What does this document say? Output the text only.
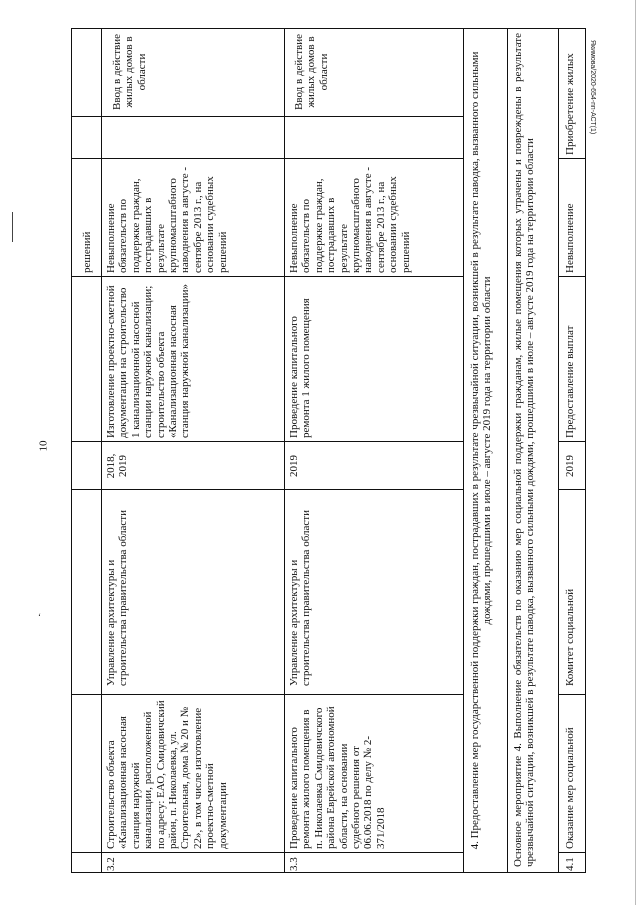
10
‘
Якимова/2020-654-пп-АСТ(1)
решений
3.2
Строительство объекта «Канализационная насосная станция наружной канализации, расположенной по адресу: ЕАО, Смидовичский район, п. Николаевка, ул. Строительная, дома № 20 и № 22», в том числе изготовление проектно-сметной документации
Управление архитектуры и строительства правительства области
2018, 2019
Изготовление проектно-сметной документации на строительство 1 канализационной насосной станции наружной канализации; строительство объекта «Канализационная насосная станция наружной канализации»
Невыполнение обязательств по поддержке граждан, пострадавших в результате крупномасштабного наводнения в августе - сентябре 2013 г., на основании судебных решений
Ввод в действие жилых домов в области
3.3
Проведение капитального ремонта жилого помещения в п. Николаевка Смидовичского района Еврейской автономной области, на основании судебного решения от 06.06.2018 по делу № 2-371/2018
Управление архитектуры и строительства правительства области
2019
Проведение капитального ремонта 1 жилого помещения
Невыполнение обязательств по поддержке граждан, пострадавших в результате крупномасштабного наводнения в августе - сентябре 2013 г., на основании судебных решений
Ввод в действие жилых домов в области	4. Предоставление мер государственной поддержки граждан, пострадавших в результате чрезвычайной ситуации, возникшей в результате паводка, вызванного сильными дождями, прошедшими в июле – августе 2019 года на территории области Основное мероприятие 4. Выполнение обязательств по оказанию мер социальной поддержки гражданам, жилые помещения которых утрачены и повреждены в результате чрезвычайной ситуации, возникшей в результате паводка, вызванного сильными дождями, прошедшими в июле – августе 2019 года на территории области	4.1
Оказание мер социальной
Комитет социальной
2019
Предоставление выплат
Невыполнение
Приобретение жилых
